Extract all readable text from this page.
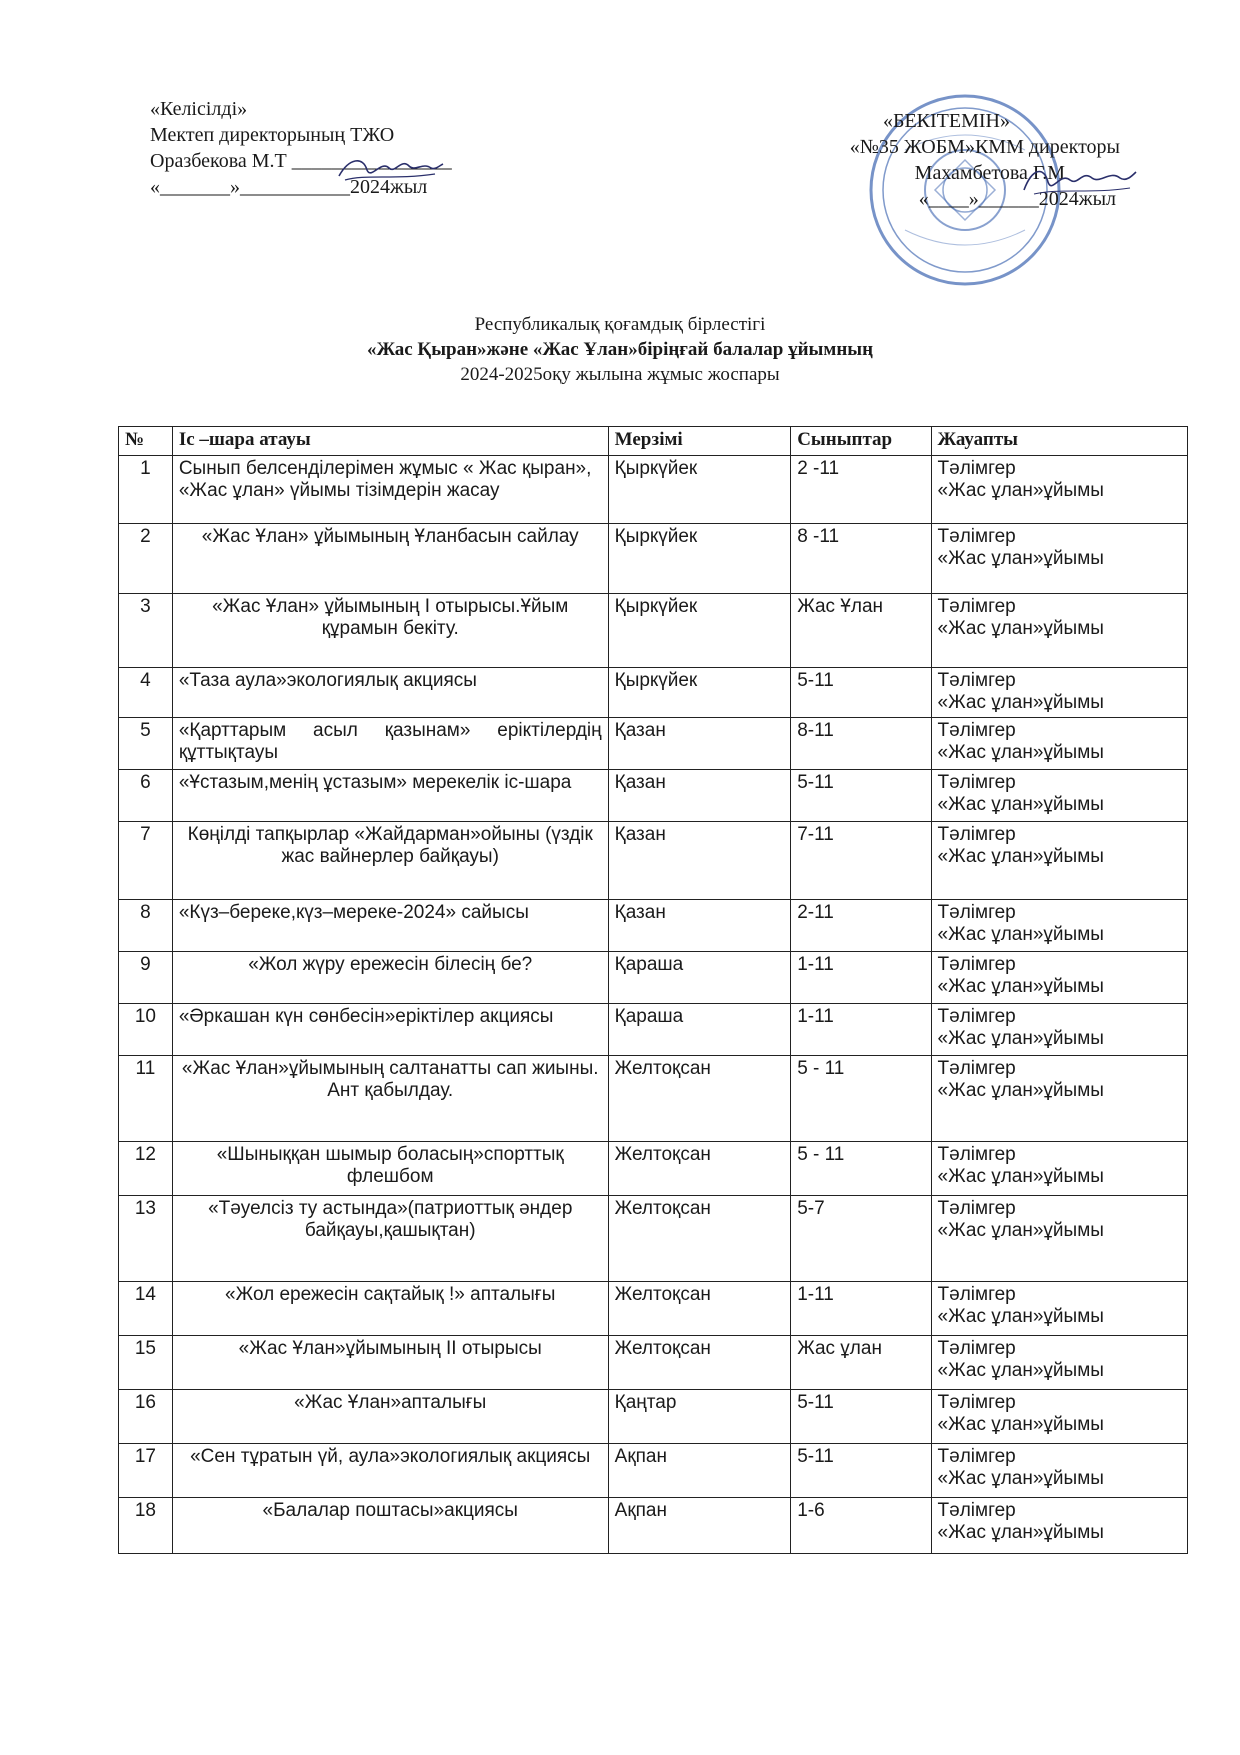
«Келісілді»
Мектеп директорының ТЖО
Оразбекова М.Т ________________
«_______»___________2024жыл
«БЕКІТЕМІН»
«№35 ЖОБМ»КММ директоры
Махамбетова Г.М
«____»______2024жыл
Республикалық қоғамдық бірлестігі
«Жас Қыран»және «Жас Ұлан»біріңғай балалар ұйымның
2024-2025оқу жылына жұмыс жоспары
№	Іс –шара атауы	Мерзімі	Сыныптар	Жауапты
1	Сынып белсенділерімен жұмыс « Жас қыран», «Жас ұлан» үйымы тізімдерін жасау	Қыркүйек	2 -11	Тәлімгер
«Жас ұлан»ұйымы

2	«Жас Ұлан» ұйымының Ұланбасын сайлау	Қыркүйек	8 -11	Тәлімгер
«Жас ұлан»ұйымы

3	«Жас Ұлан» ұйымының І отырысы.Ұйым құрамын бекіту.	Қыркүйек	Жас Ұлан	Тәлімгер
«Жас ұлан»ұйымы

4	«Таза аула»экологиялық акциясы	Қыркүйек	5-11	Тәлімгер
«Жас ұлан»ұйымы

5	«Қарттарым асыл қазынам» еріктілердің құттықтауы	Қазан	8-11	Тәлімгер
«Жас ұлан»ұйымы

6	«Ұстазым,менің ұстазым» мерекелік іс-шара	Қазан	5-11	Тәлімгер
«Жас ұлан»ұйымы

7	Көңілді тапқырлар «Жайдарман»ойыны (үздік жас вайнерлер байқауы)	Қазан	7-11	Тәлімгер
«Жас ұлан»ұйымы

8	«Күз–береке,күз–мереке-2024» сайысы	Қазан	2-11	Тәлімгер
«Жас ұлан»ұйымы

9	«Жол жүру ережесін білесің бе?	Қараша	1-11	Тәлімгер
«Жас ұлан»ұйымы

10	«Әркашан күн сөнбесін»еріктілер акциясы	Қараша	1-11	Тәлімгер
«Жас ұлан»ұйымы

11	«Жас Ұлан»ұйымының салтанатты сап жиыны. Ант қабылдау.	Желтоқсан	5 - 11	Тәлімгер
«Жас ұлан»ұйымы

12	«Шыныққан шымыр боласың»спорттық флешбом	Желтоқсан	5 - 11	Тәлімгер
«Жас ұлан»ұйымы

13	«Тәуелсіз ту астында»(патриоттық әндер байқауы,қашықтан)	Желтоқсан	5-7	Тәлімгер
«Жас ұлан»ұйымы

14	«Жол ережесін сақтайық !» апталығы	Желтоқсан	1-11	Тәлімгер
«Жас ұлан»ұйымы

15	«Жас Ұлан»ұйымының ІІ отырысы	Желтоқсан	Жас ұлан	Тәлімгер
«Жас ұлан»ұйымы

16	«Жас Ұлан»апталығы	Қаңтар	5-11	Тәлімгер
«Жас ұлан»ұйымы

17	«Сен тұратын үй, аула»экологиялық акциясы	Ақпан	5-11	Тәлімгер
«Жас ұлан»ұйымы

18	«Балалар поштасы»акциясы	Ақпан	1-6	Тәлімгер
«Жас ұлан»ұйымы
